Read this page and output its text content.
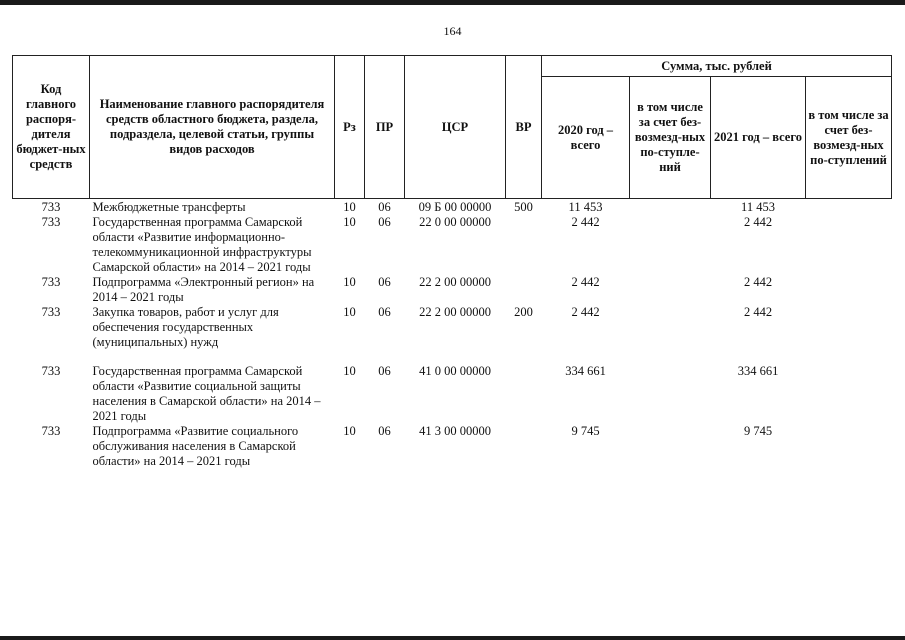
164
Код главного распоря-дителя бюджет-ных средств	Наименование главного распорядителя средств областного бюджета, раздела, подраздела, целевой статьи, группы видов расходов	Рз	ПР	ЦСР	ВР	Сумма, тыс. рублей			
						2020 год – всего	в том числе за счет без-возмезд-ных по-ступле-ний	2021 год – всего	в том числе за счет без-возмезд-ных по-ступлений
733	Межбюджетные трансферты	10	06	09 Б 00 00000	500	11 453		11 453	
733	Государственная программа Самарской области «Развитие информационно-телекоммуникационной инфраструктуры Самарской области» на 2014 – 2021 годы	10	06	22 0 00 00000		2 442		2 442	
733	Подпрограмма «Электронный регион» на 2014 – 2021 годы	10	06	22 2 00 00000		2 442		2 442	
733	Закупка товаров, работ и услуг для обеспечения государственных (муниципальных) нужд	10	06	22 2 00 00000	200	2 442		2 442	
733	Государственная программа Самарской области «Развитие социальной защиты населения в Самарской области» на 2014 – 2021 годы	10	06	41 0 00 00000		334 661		334 661	
733	Подпрограмма «Развитие социального обслуживания населения в Самарской области» на 2014 – 2021 годы	10	06	41 3 00 00000		9 745		9 745	
